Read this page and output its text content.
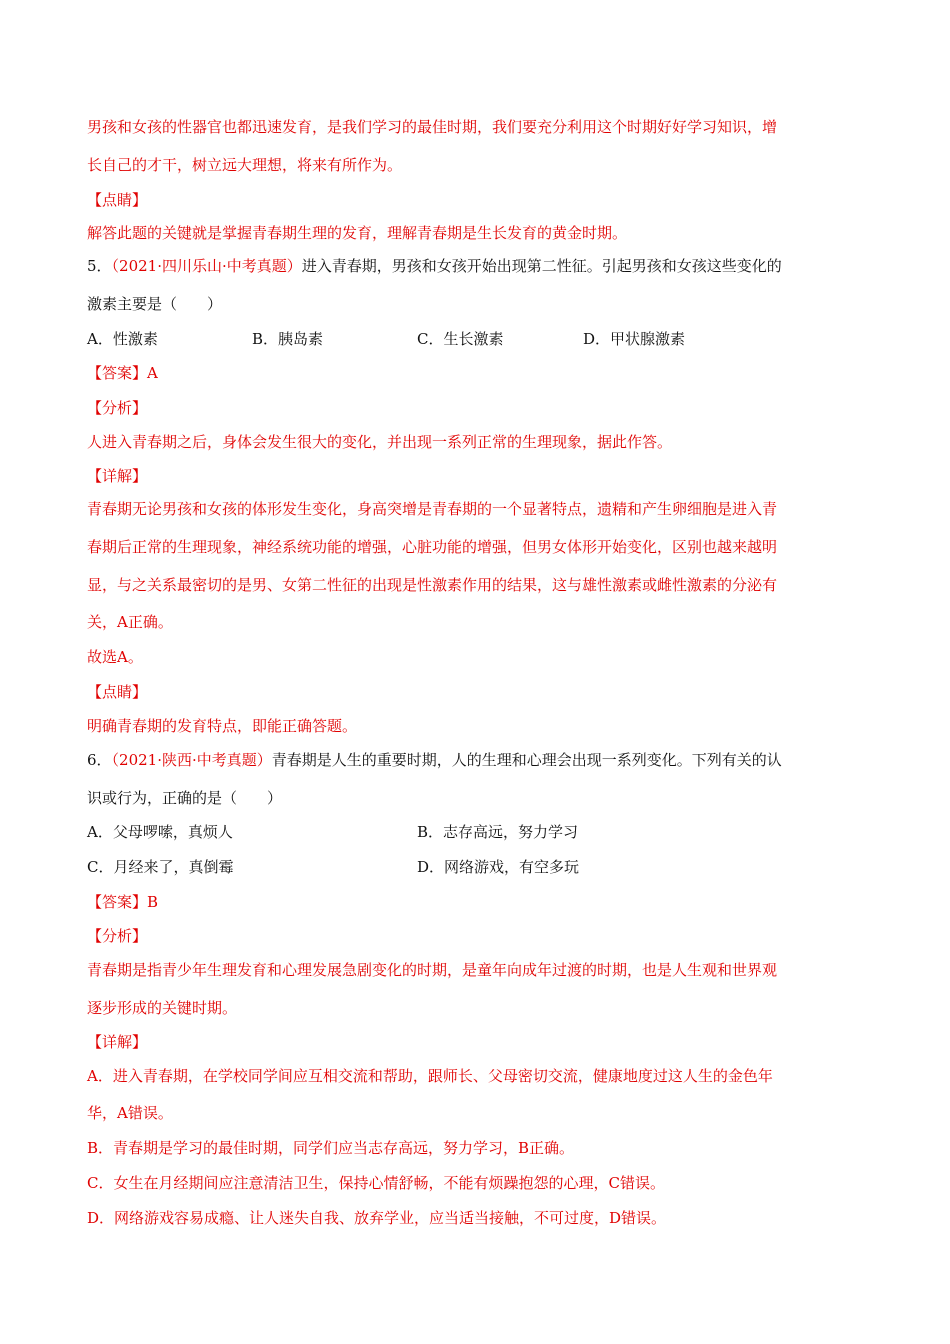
男孩和女孩的性器官也都迅速发育，是我们学习的最佳时期，我们要充分利用这个时期好好学习知识，增
长自己的才干，树立远大理想，将来有所作为。
【点睛】
解答此题的关键就是掌握青春期生理的发育，理解青春期是生长发育的黄金时期。
5．（2021·四川乐山·中考真题）进入青春期，男孩和女孩开始出现第二性征。引起男孩和女孩这些变化的
激素主要是（　　）
A．性激素	B．胰岛素	C．生长激素	D．甲状腺激素
【答案】A
【分析】
人进入青春期之后，身体会发生很大的变化，并出现一系列正常的生理现象，据此作答。
【详解】
青春期无论男孩和女孩的体形发生变化，身高突增是青春期的一个显著特点，遗精和产生卵细胞是进入青
春期后正常的生理现象，神经系统功能的增强，心脏功能的增强，但男女体形开始变化，区别也越来越明
显，与之关系最密切的是男、女第二性征的出现是性激素作用的结果，这与雄性激素或雌性激素的分泌有
关，A正确。
故选A。
【点睛】
明确青春期的发育特点，即能正确答题。
6．（2021·陕西·中考真题）青春期是人生的重要时期，人的生理和心理会出现一系列变化。下列有关的认
识或行为，正确的是（　　）
A．父母啰嗦，真烦人	B．志存高远，努力学习
C．月经来了，真倒霉	D．网络游戏，有空多玩
【答案】B
【分析】
青春期是指青少年生理发育和心理发展急剧变化的时期，是童年向成年过渡的时期，也是人生观和世界观
逐步形成的关键时期。
【详解】
A．进入青春期，在学校同学间应互相交流和帮助，跟师长、父母密切交流，健康地度过这人生的金色年
华，A错误。
B．青春期是学习的最佳时期，同学们应当志存高远，努力学习，B正确。
C．女生在月经期间应注意清洁卫生，保持心情舒畅，不能有烦躁抱怨的心理，C错误。
D．网络游戏容易成瘾、让人迷失自我、放弃学业，应当适当接触，不可过度，D错误。
